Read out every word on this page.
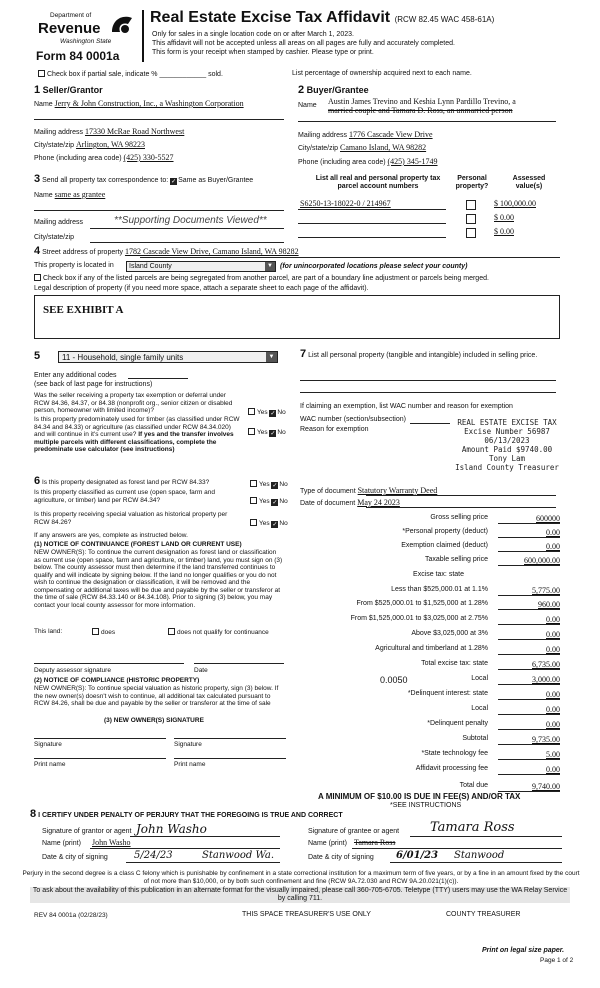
Department of
Revenue
Washington State
Form 84 0001a
Real Estate Excise Tax Affidavit (RCW 82.45 WAC 458-61A)
Only for sales in a single location code on or after March 1, 2023.
This affidavit will not be accepted unless all areas on all pages are fully and accurately completed.
This form is your receipt when stamped by cashier. Please type or print.
Check box if partial sale, indicate % ____________ sold.	List percentage of ownership acquired next to each name.
1 Seller/Grantor
Name Jerry & John Construction, Inc., a Washington Corporation
Mailing address 17330 McRae Road Northwest
City/state/zip Arlington, WA 98223
Phone (including area code) (425) 330-5527
2 Buyer/Grantee
Name Austin James Trevino and Keshia Lynn Pardillo Trevino, a
married couple and Tamara D. Ross, an unmarried person
Mailing address 1776 Cascade View Drive
City/state/zip Camano Island, WA 98282
Phone (including area code) (425) 345-1749
3 Send all property tax correspondence to: ✓ Same as Buyer/Grantee
Name same as grantee
Mailing address	**Supporting Documents Viewed**
City/state/zip
List all real and personal property tax parcel account numbers
Personal property?
Assessed value(s)
S6250-13-18022-0 / 214967	$ 100,000.00
$ 0.00
$ 0.00
4 Street address of property 1782 Cascade View Drive, Camano Island, WA 98282
This property is located in Island County	▼ (for unincorporated locations please select your county)
Check box if any of the listed parcels are being segregated from another parcel, are part of a boundary line adjustment or parcels being merged.
Legal description of property (if you need more space, attach a separate sheet to each page of the affidavit).
SEE EXHIBIT A
5	11 - Household, single family units	▼
Enter any additional codes
(see back of last page for instructions)
Was the seller receiving a property tax exemption or deferral under RCW 84.36, 84.37, or 84.38 (nonprofit org., senior citizen or disabled person, homeowner with limited income)?	Yes ✓ No
Is this property predominately used for timber (as classified under RCW 84.34 and 84.33) or agriculture (as classified under RCW 84.34.020) and will continue in it's current use? If yes and the transfer involves multiple parcels with different classifications, complete the predominate use calculator (see instructions)
Yes ✓ No
6 Is this property designated as forest land per RCW 84.33?	Yes ✓ No
Is this property classified as current use (open space, farm and agriculture, or timber) land per RCW 84.34?	Yes ✓ No
Is this property receiving special valuation as historical property per RCW 84.26?	Yes ✓ No
If any answers are yes, complete as instructed below.
(1) NOTICE OF CONTINUANCE (FOREST LAND OR CURRENT USE)
NEW OWNER(S): To continue the current designation as forest land or classification as current use (open space, farm and agriculture, or timber) land, you must sign on (3) below. The county assessor must then determine if the land transferred continues to qualify and will indicate by signing below. If the land no longer qualifies or you do not wish to continue the designation or classification, it will be removed and the compensating or additional taxes will be due and payable by the seller or transferor at the time of sale (RCW 84.33.140 or 84.34.108). Prior to signing (3) below, you may contact your local county assessor for more information.
This land:	does	does not qualify for continuance
Deputy assessor signature	Date
(2) NOTICE OF COMPLIANCE (HISTORIC PROPERTY)
NEW OWNER(S): To continue special valuation as historic property, sign (3) below. If the new owner(s) doesn't wish to continue, all additional tax calculated pursuant to RCW 84.26, shall be due and payable by the seller or transferor at the time of sale
(3) NEW OWNER(S) SIGNATURE
Signature	Signature
Print name	Print name
7 List all personal property (tangible and intangible) included in selling price.
If claiming an exemption, list WAC number and reason for exemption
WAC number (section/subsection)
Reason for exemption
REAL ESTATE EXCISE TAX
Excise Number 56987
06/13/2023
Amount Paid $9740.00
Tony Lam
Island County Treasurer
Type of document Statutory Warranty Deed
Date of document May 24 2023
Gross selling price	600000
*Personal property (deduct)	0.00
Exemption claimed (deduct)	0.00
Taxable selling price	600,000.00
Excise tax: state
Less than $525,000.01 at 1.1%	5,775.00
From $525,000.01 to $1,525,000 at 1.28%	960.00
From $1,525,000.01 to $3,025,000 at 2.75%	0.00
Above $3,025,000 at 3%	0.00
Agricultural and timberland at 1.28%	0.00
Total excise tax: state	6,735.00
0.0050	Local	3,000.00
*Delinquent interest: state	0.00
Local	0.00
*Delinquent penalty	0.00
Subtotal	9,735.00
*State technology fee	5.00
Affidavit processing fee	0.00
Total due	9,740.00
A MINIMUM OF $10.00 IS DUE IN FEE(S) AND/OR TAX
*SEE INSTRUCTIONS
8 I CERTIFY UNDER PENALTY OF PERJURY THAT THE FOREGOING IS TRUE AND CORRECT
Signature of grantor or agent John Washo
Name (print) John Washo
Date & city of signing	5/24/23	Stanwood Wa.
Signature of grantee or agent Tamara Ross
Name (print) Tamara Ross
Date & city of signing 6/01/23 Stanwood
Perjury in the second degree is a class C felony which is punishable by confinement in a state correctional institution for a maximum term of five years, or by a fine in an amount fixed by the court of not more than $10,000, or by both such confinement and fine (RCW 9A.72.030 and RCW 9A.20.021(1)(c)).
To ask about the availability of this publication in an alternate format for the visually impaired, please call 360-705-6705. Teletype (TTY) users may use the WA Relay Service by calling 711.
REV 84 0001a (02/28/23)	THIS SPACE TREASURER'S USE ONLY	COUNTY TREASURER
Print on legal size paper.
Page 1 of 2
